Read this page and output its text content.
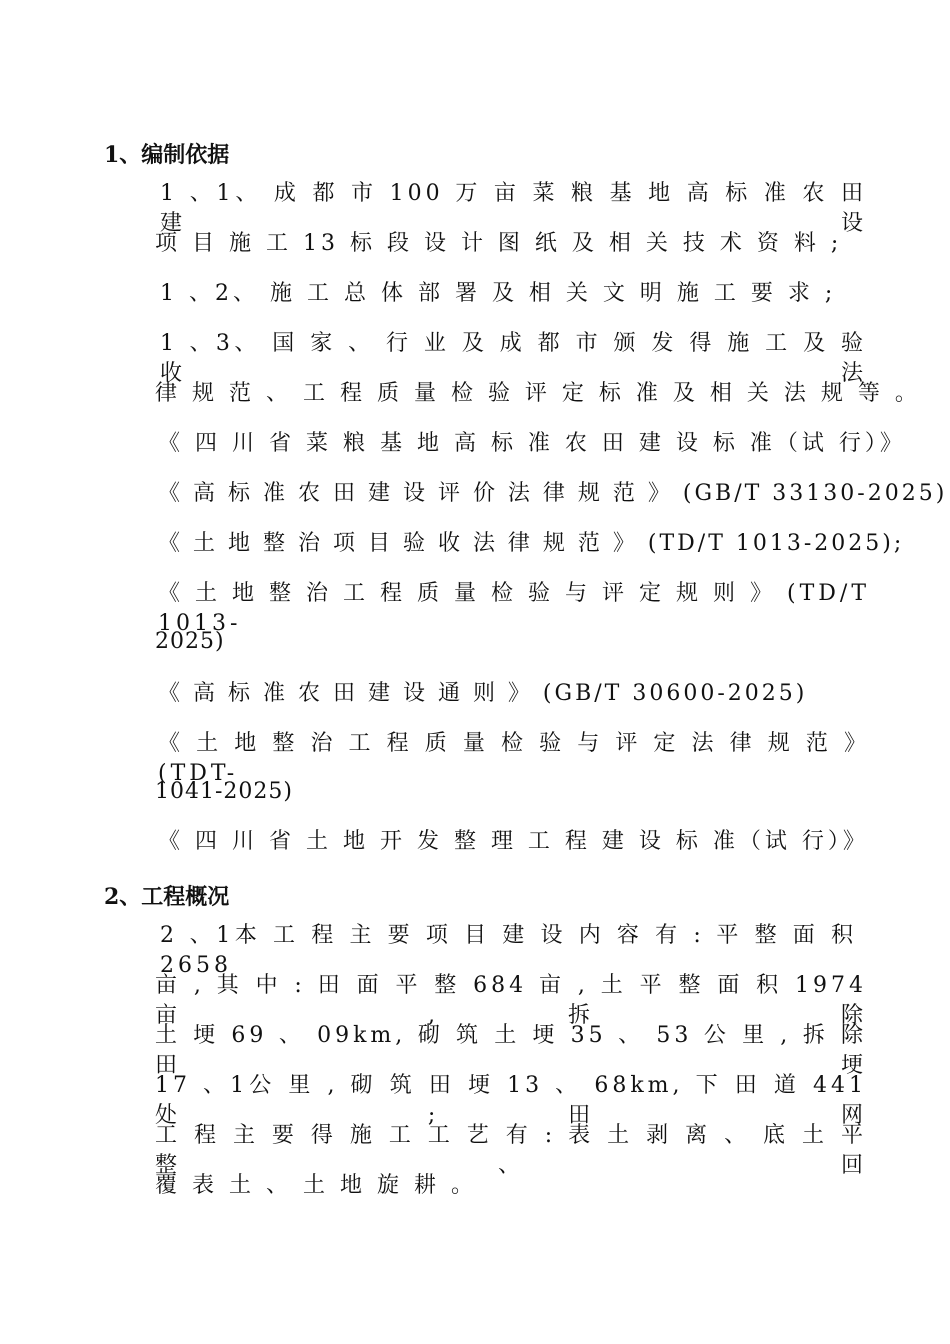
1、编制依据
1 、1、 成 都 市 100 万 亩 菜 粮 基 地 高 标 准 农 田 建 设
项 目 施 工 13 标 段 设 计 图 纸 及 相 关 技 术 资 料 ;
1 、2、 施 工 总 体 部 署 及 相 关 文 明 施 工 要 求 ;
1 、3、 国 家 、 行 业 及 成 都 市 颁 发 得 施 工 及 验 收 法
律 规 范 、 工 程 质 量 检 验 评 定 标 准 及 相 关 法 规 等 。
《 四 川 省 菜 粮 基 地 高 标 准 农 田 建 设 标 准（试 行）》
《 高 标 准 农 田 建 设 评 价 法 律 规 范 》 (GB/T 33130-2025)
《 土 地 整 治 项 目 验 收 法 律 规 范 》 (TD/T 1013-2025);
《 土 地 整 治 工 程 质 量 检 验 与 评 定 规 则 》 (TD/T 1013-
2025)
《 高 标 准 农 田 建 设 通 则 》 (GB/T 30600-2025)
《 土 地 整 治 工 程 质 量 检 验 与 评 定 法 律 规 范 》 (TDT-
1041-2025)
《 四 川 省 土 地 开 发 整 理 工 程 建 设 标 准（试 行）》
2、工程概况
2 、1本 工 程 主 要 项 目 建 设 内 容 有 : 平 整 面 积 2658
亩 , 其 中 : 田 面 平 整 684 亩 , 土 平 整 面 积 1974 亩 , 拆 除
土 埂 69 、 09km, 砌 筑 土 埂 35 、 53 公 里 , 拆 除 田 埂
17 、1公 里 , 砌 筑 田 埂 13 、 68km, 下 田 道 441 处 ; 田 网
工 程 主 要 得 施 工 工 艺 有 : 表 土 剥 离 、 底 土 平 整 、 回
覆 表 土 、 土 地 旋 耕 。
